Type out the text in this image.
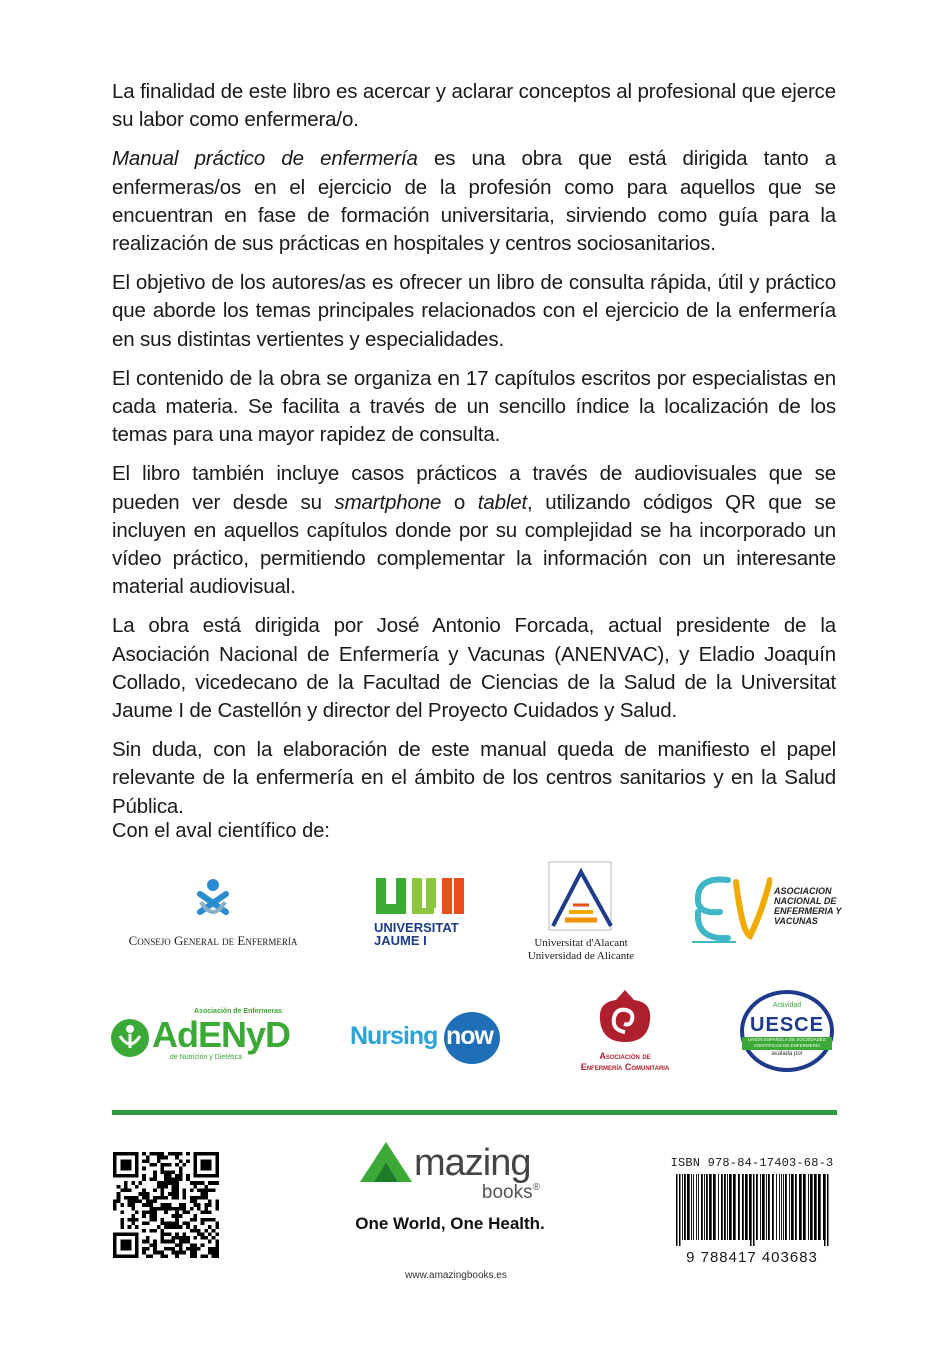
La finalidad de este libro es acercar y aclarar conceptos al profesional que ejerce su labor como enfermera/o.

Manual práctico de enfermería es una obra que está dirigida tanto a enfermeras/os en el ejercicio de la profesión como para aquellos que se encuentran en fase de formación universitaria, sirviendo como guía para la realización de sus prácticas en hospitales y centros sociosanitarios.

El objetivo de los autores/as es ofrecer un libro de consulta rápida, útil y práctico que aborde los temas principales relacionados con el ejercicio de la enfermería en sus distintas vertientes y especialidades.

El contenido de la obra se organiza en 17 capítulos escritos por especialistas en cada materia. Se facilita a través de un sencillo índice la localización de los temas para una mayor rapidez de consulta.

El libro también incluye casos prácticos a través de audiovisuales que se pueden ver desde su smartphone o tablet, utilizando códigos QR que se incluyen en aquellos capítulos donde por su complejidad se ha incorporado un vídeo práctico, permitiendo complementar la información con un interesante material audiovisual.

La obra está dirigida por José Antonio Forcada, actual presidente de la Asociación Nacional de Enfermería y Vacunas (ANENVAC), y Eladio Joaquín Collado, vicedecano de la Facultad de Ciencias de la Salud de la Universitat Jaume I de Castellón y director del Proyecto Cuidados y Salud.

Sin duda, con la elaboración de este manual queda de manifiesto el papel relevante de la enfermería en el ámbito de los centros sanitarios y en la Salud Pública.

Con el aval científico de:
Consejo General de Enfermería
UNIVERSITAT
JAUME I	Universitat d'Alacant
Universidad de Alicante
ASOCIACION
NACIONAL DE
ENFERMERIA Y
VACUNAS
Asociación de Enfermeras
AdENyD
de Nutrición y Dietética
Nursing now
Asociación de
Enfermería Comunitaria
Actividad
UESCE
UNIÓN ESPAÑOLA DE SOCIEDADES CIENTÍFICAS DE ENFERMERÍA
avalada por
mazing
books®
One World, One Health.
www.amazingbooks.es
ISBN 978-84-17403-68-3
9 788417 403683
